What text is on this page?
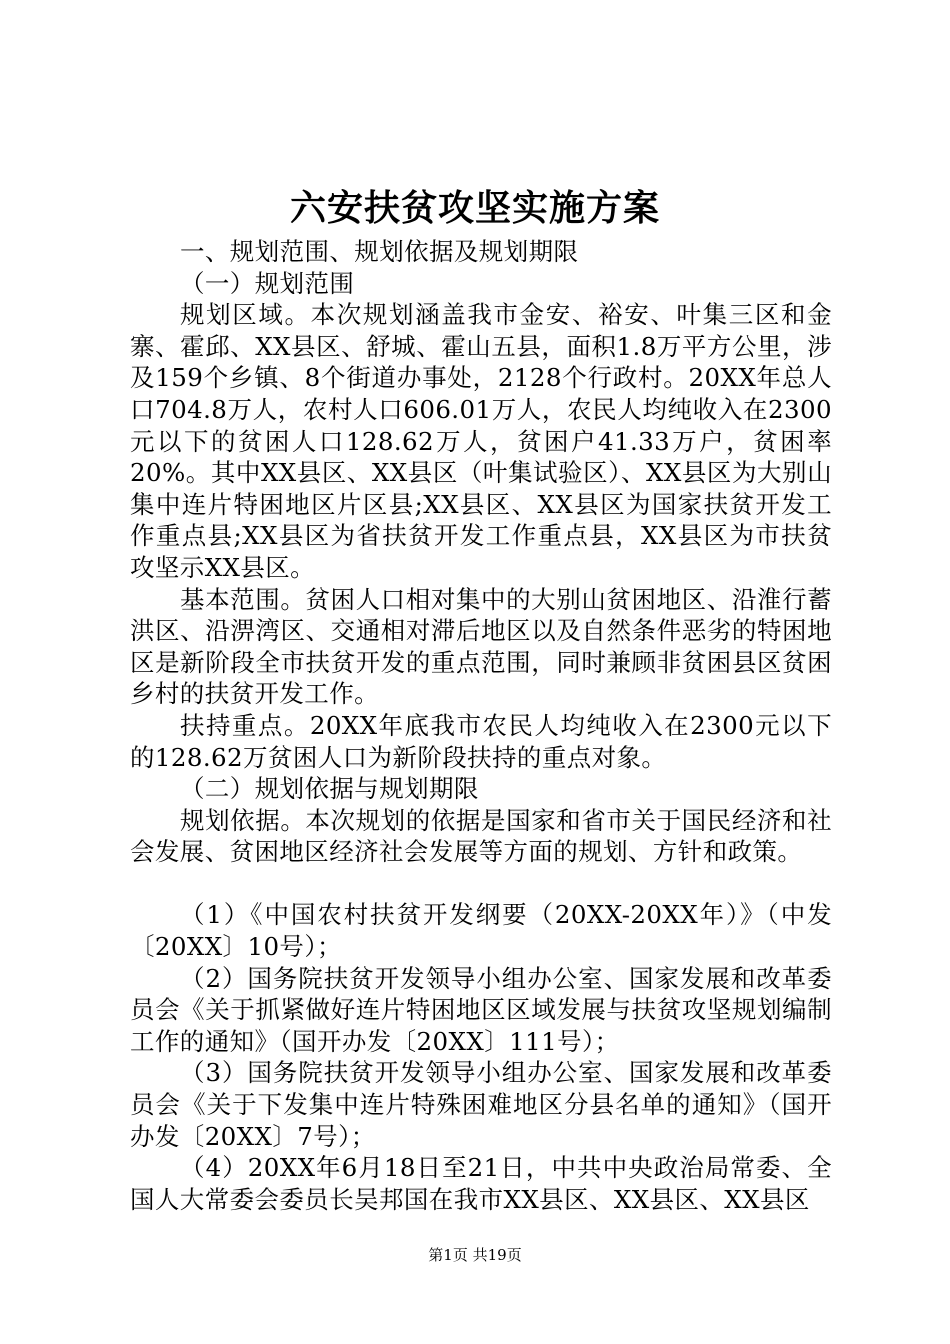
六安扶贫攻坚实施方案

一、规划范围、规划依据及规划期限

（一）规划范围

规划区域。本次规划涵盖我市金安、裕安、叶集三区和金寨、霍邱、XX县区、舒城、霍山五县，面积1.8万平方公里，涉及159个乡镇、8个街道办事处，2128个行政村。20XX年总人口704.8万人，农村人口606.01万人，农民人均纯收入在2300元以下的贫困人口128.62万人，贫困户41.33万户，贫困率20%。其中XX县区、XX县区（叶集试验区）、XX县区为大别山集中连片特困地区片区县;XX县区、XX县区为国家扶贫开发工作重点县;XX县区为省扶贫开发工作重点县，XX县区为市扶贫攻坚示XX县区。

基本范围。贫困人口相对集中的大别山贫困地区、沿淮行蓄洪区、沿淠湾区、交通相对滞后地区以及自然条件恶劣的特困地区是新阶段全市扶贫开发的重点范围，同时兼顾非贫困县区贫困乡村的扶贫开发工作。

扶持重点。20XX年底我市农民人均纯收入在2300元以下的128.62万贫困人口为新阶段扶持的重点对象。

（二）规划依据与规划期限

规划依据。本次规划的依据是国家和省市关于国民经济和社会发展、贫困地区经济社会发展等方面的规划、方针和政策。

（1）《中国农村扶贫开发纲要（20XX-20XX年）》（中发〔20XX〕10号）；

（2）国务院扶贫开发领导小组办公室、国家发展和改革委员会《关于抓紧做好连片特困地区区域发展与扶贫攻坚规划编制工作的通知》（国开办发〔20XX〕111号）；

（3）国务院扶贫开发领导小组办公室、国家发展和改革委员会《关于下发集中连片特殊困难地区分县名单的通知》（国开办发〔20XX〕7号）；

（4）20XX年6月18日至21日，中共中央政治局常委、全国人大常委会委员长吴邦国在我市XX县区、XX县区、XX县区

第1页 共19页
